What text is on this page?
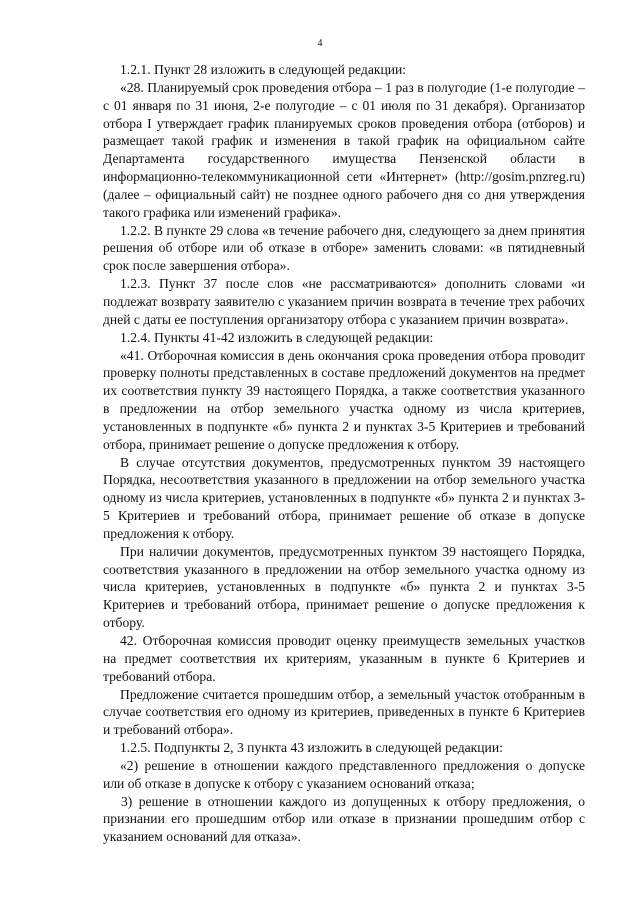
4

1.2.1. Пункт 28 изложить в следующей редакции:

«28. Планируемый срок проведения отбора – 1 раз в полугодие (1-е полугодие – с 01 января по 31 июня, 2-е полугодие – с 01 июля по 31 декабря). Организатор отбора I утверждает график планируемых сроков проведения отбора (отборов) и размещает такой график и изменения в такой график на официальном сайте Департамента государственного имущества Пензенской области в информационно-телекоммуникационной сети «Интернет» (http://gosim.pnzreg.ru) (далее – официальный сайт) не позднее одного рабочего дня со дня утверждения такого графика или изменений графика».

1.2.2. В пункте 29 слова «в течение рабочего дня, следующего за днем принятия решения об отборе или об отказе в отборе» заменить словами: «в пятидневный срок после завершения отбора».

1.2.3. Пункт 37 после слов «не рассматриваются» дополнить словами «и подлежат возврату заявителю с указанием причин возврата в течение трех рабочих дней с даты ее поступления организатору отбора с указанием причин возврата».

1.2.4. Пункты 41-42 изложить в следующей редакции:

«41. Отборочная комиссия в день окончания срока проведения отбора проводит проверку полноты представленных в составе предложений документов на предмет их соответствия пункту 39 настоящего Порядка, а также соответствия указанного в предложении на отбор земельного участка одному из числа критериев, установленных в подпункте «б» пункта 2 и пунктах 3-5 Критериев и требований отбора, принимает решение о допуске предложения к отбору.

В случае отсутствия документов, предусмотренных пунктом 39 настоящего Порядка, несоответствия указанного в предложении на отбор земельного участка одному из числа критериев, установленных в подпункте «б» пункта 2 и пунктах 3-5 Критериев и требований отбора, принимает решение об отказе в допуске предложения к отбору.

При наличии документов, предусмотренных пунктом 39 настоящего Порядка, соответствия указанного в предложении на отбор земельного участка одному из числа критериев, установленных в подпункте «б» пункта 2 и пунктах 3-5 Критериев и требований отбора, принимает решение о допуске предложения к отбору.

42. Отборочная комиссия проводит оценку преимуществ земельных участков на предмет соответствия их критериям, указанным в пункте 6 Критериев и требований отбора.

Предложение считается прошедшим отбор, а земельный участок отобранным в случае соответствия его одному из критериев, приведенных в пункте 6 Критериев и требований отбора».

1.2.5. Подпункты 2, 3 пункта 43 изложить в следующей редакции:

«2) решение в отношении каждого представленного предложения о допуске или об отказе в допуске к отбору с указанием оснований отказа;

3) решение в отношении каждого из допущенных к отбору предложения, о признании его прошедшим отбор или отказе в признании прошедшим отбор с указанием оснований для отказа».
